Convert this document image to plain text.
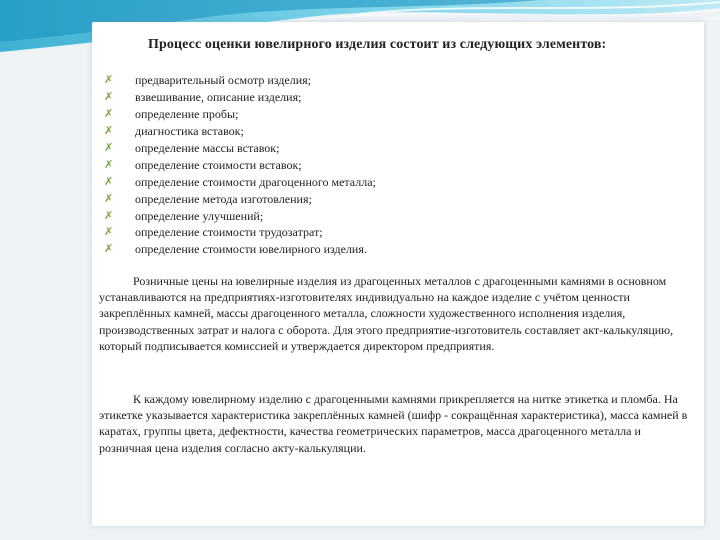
Процесс оценки ювелирного изделия состоит из следующих элементов:
✗	предварительный осмотр изделия;
✗	взвешивание, описание изделия;
✗	определение пробы;
✗	диагностика вставок;
✗	определение массы вставок;
✗	определение стоимости вставок;
✗	определение стоимости драгоценного металла;
✗	определение метода изготовления;
✗	определение улучшений;
✗	определение стоимости трудозатрат;
✗	определение стоимости ювелирного изделия.

Розничные цены на ювелирные изделия из драгоценных металлов с драгоценными камнями в основном устанавливаются на предприятиях-изготовителях индивидуально на каждое изделие с учётом ценности закреплённых камней, массы драгоценного металла, сложности художественного исполнения изделия, производственных затрат и налога с оборота. Для этого предприятие-изготовитель составляет акт-калькуляцию, который подписывается комиссией и утверждается директором предприятия.

К каждому ювелирному изделию с драгоценными камнями прикрепляется на нитке этикетка и пломба. На этикетке указывается характеристика закреплённых камней (шифр - сокращённая характеристика), масса камней в каратах, группы цвета, дефектности, качества геометрических параметров, масса драгоценного металла и розничная цена изделия согласно акту-калькуляции.
